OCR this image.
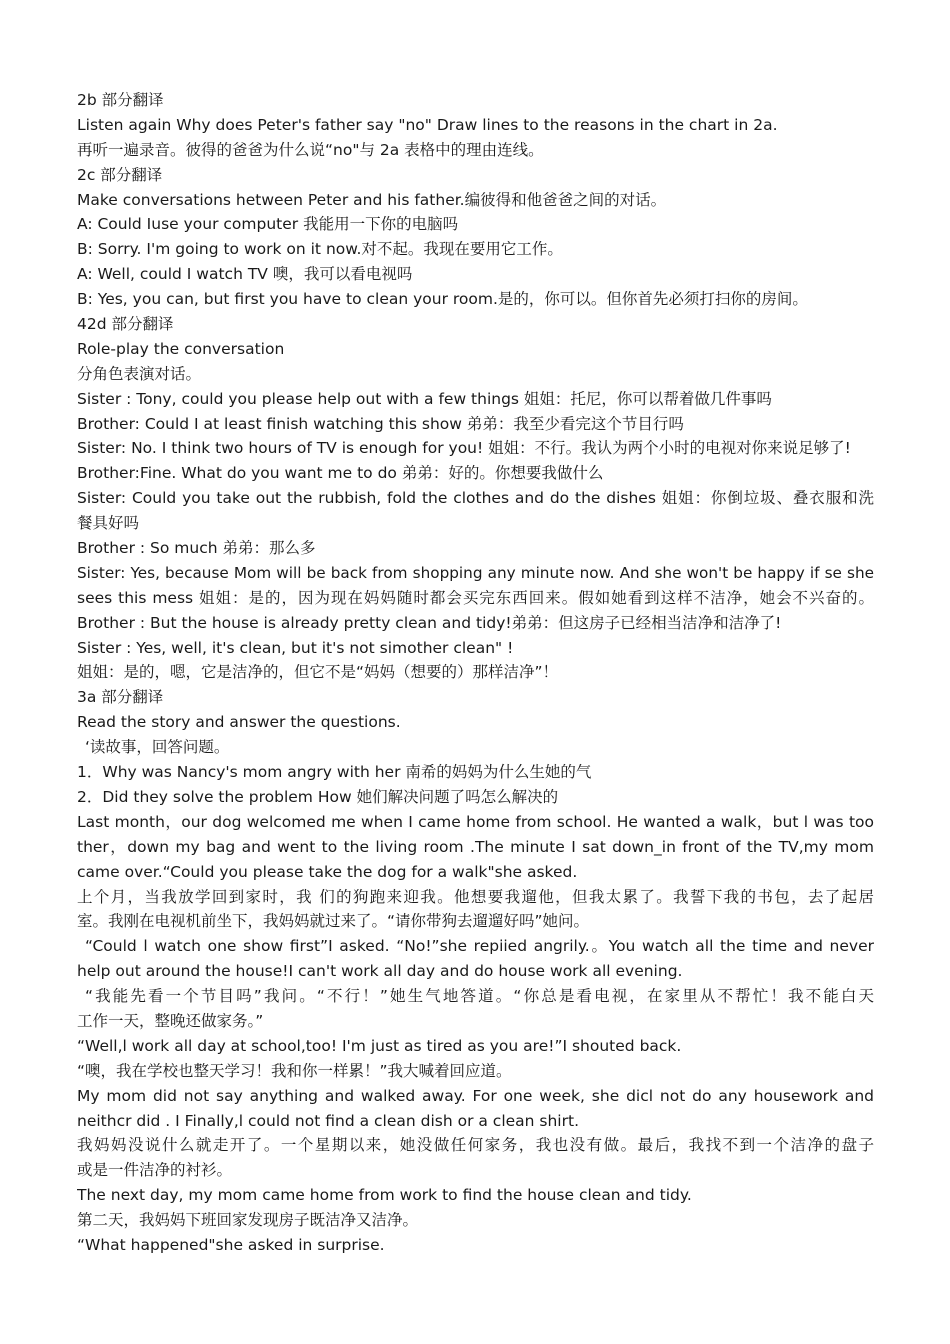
2b 部分翻译
Listen again Why does Peter's father say "no" Draw lines to the reasons in the chart in 2a.
再听一遍录音。彼得的爸爸为什么说“no"与 2a 表格中的理由连线。
2c 部分翻译
Make conversations hetween Peter and his father.编彼得和他爸爸之间的对话。
A: Could Iuse your computer 我能用一下你的电脑吗
B: Sorry. I'm going to work on it now.对不起。我现在要用它工作。
A: Well, could I watch TV 噢，我可以看电视吗
B: Yes, you can, but first you have to clean your room.是的，你可以。但你首先必须打扫你的房间。
42d 部分翻译
Role-play the conversation
分角色表演对话。
Sister : Tony, could you please help out with a few things 姐姐：托尼，你可以帮着做几件事吗
Brother: Could I at least finish watching this show 弟弟：我至少看完这个节目行吗
Sister: No. I think two hours of TV is enough for you! 姐姐：不行。我认为两个小时的电视对你来说足够了!
Brother:Fine. What do you want me to do 弟弟：好的。你想要我做什么
Sister: Could you take out the rubbish, fold the clothes and do the dishes 姐姐：你倒垃圾、叠衣服和洗
餐具好吗
Brother : So much 弟弟：那么多
Sister: Yes, because Mom will be back from shopping any minute now. And she won't be happy if se she
sees this mess 姐姐：是的，因为现在妈妈随时都会买完东西回来。假如她看到这样不洁净，她会不兴奋的。
Brother : But the house is already pretty clean and tidy!弟弟：但这房子已经相当洁净和洁净了!
Sister : Yes, well, it's clean, but it's not simother clean" !
姐姐：是的，嗯，它是洁净的，但它不是“妈妈（想要的）那样洁净”！
3a 部分翻译
Read the story and answer the questions.
‘读故事，回答问题。
1．Why was Nancy's mom angry with her 南希的妈妈为什么生她的气
2．Did they solve the problem How 她们解决问题了吗怎么解决的
Last month，our dog welcomed me when I came home from school. He wanted a walk，but l was too
ther，down my bag and went to the living room .The minute I sat down_in front of the TV,my mom
came over.“Could you please take the dog for a walk"she asked.
上个月，当我放学回到家时，我 们的狗跑来迎我。他想要我遛他，但我太累了。我誓下我的书包，去了起居
室。我刚在电视机前坐下，我妈妈就过来了。“请你带狗去遛遛好吗”她问。
“Could l watch one show first”I asked. “No!”she repiied angrily.。You watch all the time and never
help out around the house!I can't work all day and do house work all evening.
“我能先看一个节目吗”我问。“不行！”她生气地答道。“你总是看电视，在家里从不帮忙！我不能白天
工作一天，整晚还做家务。”
“Well,l work all day at school,too! I'm just as tired as you are!”I shouted back.
“噢，我在学校也整天学习！我和你一样累！”我大喊着回应道。
My mom did not say anything and walked away. For one week, she dicl not do any housework and
neithcr did . I Finally,l could not find a clean dish or a clean shirt.
我妈妈没说什么就走开了。一个星期以来，她没做任何家务，我也没有做。最后，我找不到一个洁净的盘子
或是一件洁净的衬衫。
The next day, my mom came home from work to find the house clean and tidy.
第二天，我妈妈下班回家发现房子既洁净又洁净。
“What happened"she asked in surprise.
